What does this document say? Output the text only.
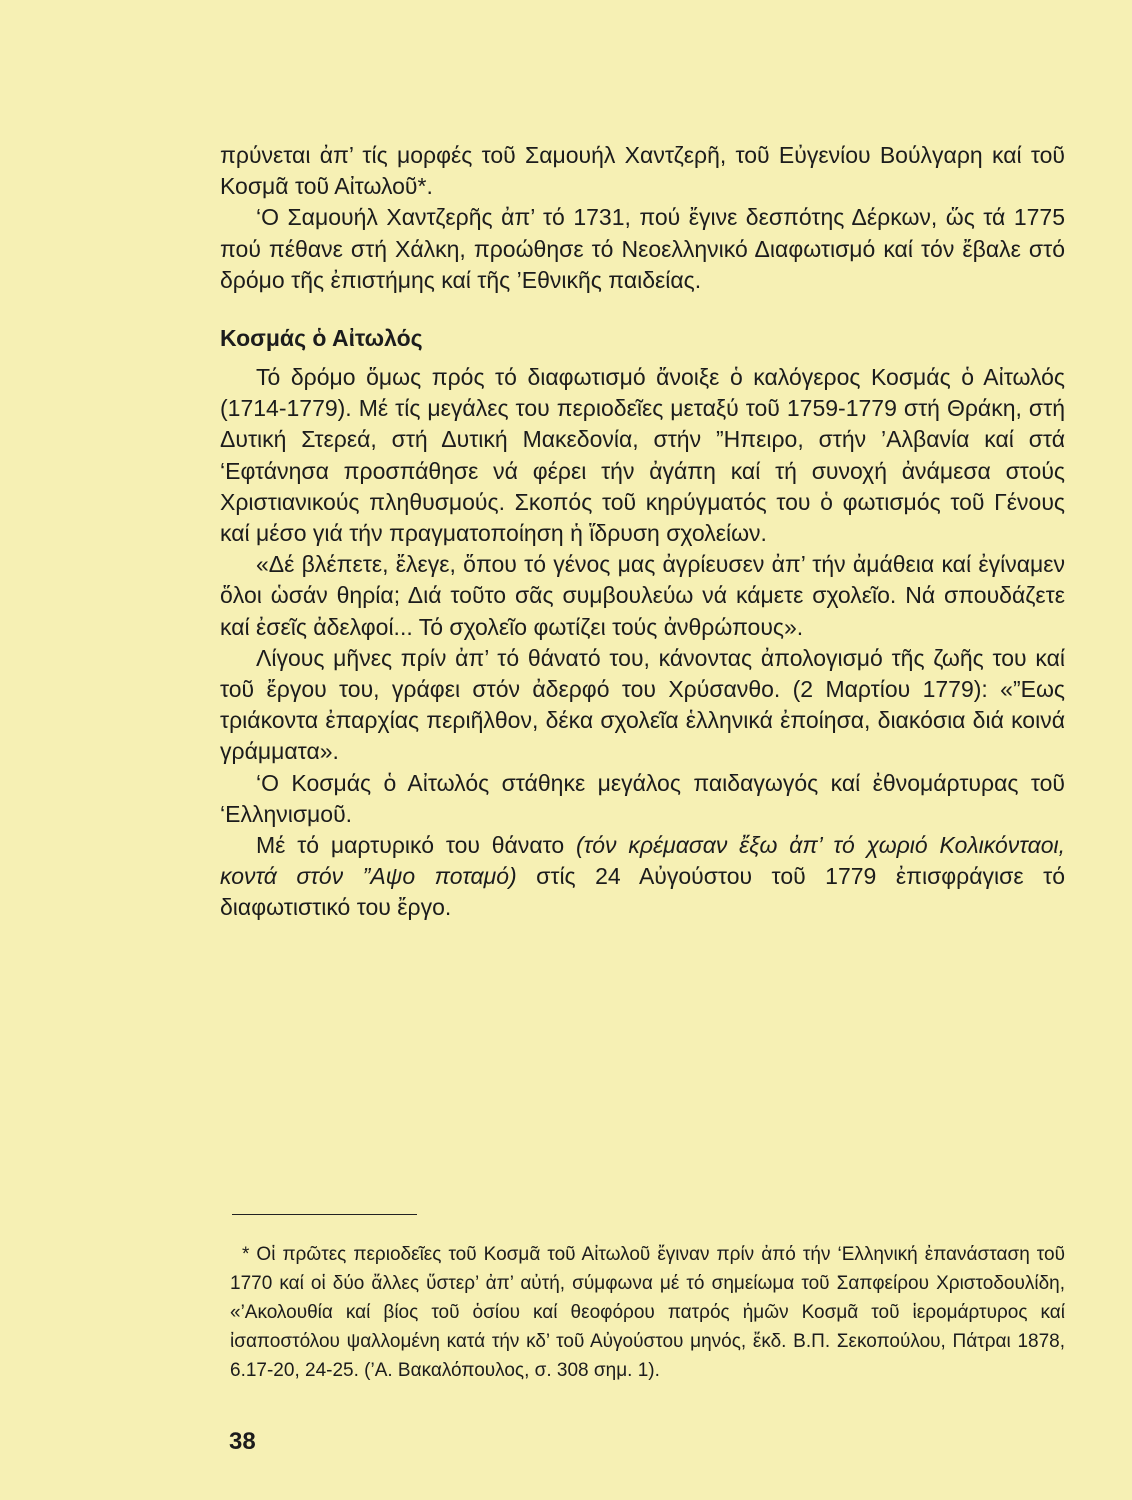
πρύνεται ἀπ’ τίς μορφές τοῦ Σαμουήλ Χαντζερῆ, τοῦ Εὐγενίου Βούλγαρη καί τοῦ Κοσμᾶ τοῦ Αἰτωλοῦ*.

‘Ο Σαμουήλ Χαντζερῆς ἀπ’ τό 1731, πού ἔγινε δεσπότης Δέρκων, ὥς τά 1775 πού πέθανε στή Χάλκη, προώθησε τό Νεοελληνικό Διαφωτισμό καί τόν ἔβαλε στό δρόμο τῆς ἐπιστήμης καί τῆς ’Εθνικῆς παιδείας.

Κοσμάς ὁ Αἰτωλός

Τό δρόμο ὅμως πρός τό διαφωτισμό ἄνοιξε ὁ καλόγερος Κοσμάς ὁ Αἰτωλός (1714-1779). Μέ τίς μεγάλες του περιοδεῖες μεταξύ τοῦ 1759-1779 στή Θράκη, στή Δυτική Στερεά, στή Δυτική Μακεδονία, στήν ”Ηπειρο, στήν ’Αλβανία καί στά ‘Εφτάνησα προσπάθησε νά φέρει τήν ἀγάπη καί τή συνοχή ἀνάμεσα στούς Χριστιανικούς πληθυσμούς. Σκοπός τοῦ κηρύγματός του ὁ φωτισμός τοῦ Γένους καί μέσο γιά τήν πραγματοποίηση ἡ ἵδρυση σχολείων.

«Δέ βλέπετε, ἔλεγε, ὅπου τό γένος μας ἀγρίευσεν ἀπ’ τήν ἀμάθεια καί ἐγίναμεν ὅλοι ὡσάν θηρία; Διά τοῦτο σᾶς συμβουλεύω νά κάμετε σχολεῖο. Νά σπουδάζετε καί ἐσεῖς ἀδελφοί... Τό σχολεῖο φωτίζει τούς ἀνθρώπους».

Λίγους μῆνες πρίν ἀπ’ τό θάνατό του, κάνοντας ἀπολογισμό τῆς ζωῆς του καί τοῦ ἔργου του, γράφει στόν ἀδερφό του Χρύσανθο. (2 Μαρτίου 1779): «”Εως τριάκοντα ἐπαρχίας περιῆλθον, δέκα σχολεῖα ἑλληνικά ἐποίησα, διακόσια διά κοινά γράμματα».

‘Ο Κοσμάς ὁ Αἰτωλός στάθηκε μεγάλος παιδαγωγός καί ἐθνομάρτυρας τοῦ ‘Ελληνισμοῦ.

Μέ τό μαρτυρικό του θάνατο (τόν κρέμασαν ἔξω ἀπ’ τό χωριό Κολικόνταοι, κοντά στόν ”Αψο ποταμό) στίς 24 Αὐγούστου τοῦ 1779 ἐπισφράγισε τό διαφωτιστικό του ἔργο.

* Οἱ πρῶτες περιοδεῖες τοῦ Κοσμᾶ τοῦ Αἰτωλοῦ ἔγιναν πρίν ἀπό τήν ‘Ελληνική ἐπανάσταση τοῦ 1770 καί οἱ δύο ἄλλες ὕστερ’ ἀπ’ αὐτή, σύμφωνα μέ τό σημείωμα τοῦ Σαπφείρου Χριστοδουλίδη, «’Ακολουθία καί βίος τοῦ ὁσίου καί θεοφόρου πατρός ἡμῶν Κοσμᾶ τοῦ ἱερομάρτυρος καί ἰσαποστόλου ψαλλομένη κατά τήν κδ’ τοῦ Αὐγούστου μηνός, ἔκδ. Β.Π. Σεκοπούλου, Πάτραι 1878, 6.17-20, 24-25. (’Α. Βακαλόπουλος, σ. 308 σημ. 1).

38
